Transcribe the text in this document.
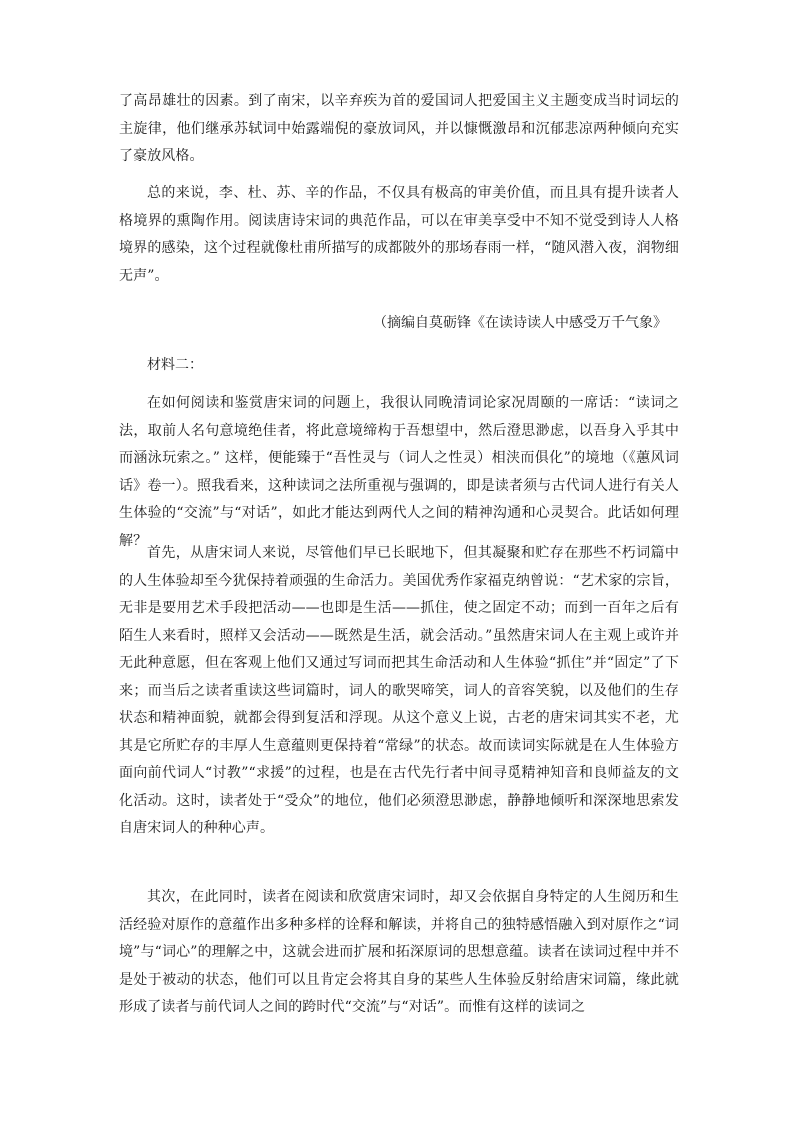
了高昂雄壮的因素。到了南宋，以辛弃疾为首的爱国词人把爱国主义主题变成当时词坛的主旋律，他们继承苏轼词中始露端倪的豪放词风，并以慷慨激昂和沉郁悲凉两种倾向充实了豪放风格。

总的来说，李、杜、苏、辛的作品，不仅具有极高的审美价值，而且具有提升读者人格境界的熏陶作用。阅读唐诗宋词的典范作品，可以在审美享受中不知不觉受到诗人人格境界的感染，这个过程就像杜甫所描写的成都陂外的那场春雨一样，“随风潜入夜，润物细无声”。

（摘编自莫砺锋《在读诗读人中感受万千气象》

材料二：

在如何阅读和鉴赏唐宋词的问题上，我很认同晚清词论家况周颐的一席话：“读词之法，取前人名句意境绝佳者，将此意境缔构于吾想望中，然后澄思渺虑，以吾身入乎其中而涵泳玩索之。” 这样，便能臻于“吾性灵与（词人之性灵）相浃而俱化”的境地（《蕙风词话》卷一）。照我看来，这种读词之法所重视与强调的，即是读者须与古代词人进行有关人生体验的“交流”与“对话”，如此才能达到两代人之间的精神沟通和心灵契合。此话如何理解？

首先，从唐宋词人来说，尽管他们早已长眠地下，但其凝聚和贮存在那些不朽词篇中的人生体验却至今犹保持着顽强的生命活力。美国优秀作家福克纳曾说：“艺术家的宗旨，无非是要用艺术手段把活动——也即是生活——抓住，使之固定不动；而到一百年之后有陌生人来看时，照样又会活动——既然是生活，就会活动。”虽然唐宋词人在主观上或许并无此种意愿，但在客观上他们又通过写词而把其生命活动和人生体验“抓住”并“固定”了下来；而当后之读者重读这些词篇时，词人的歌哭啼笑，词人的音容笑貌，以及他们的生存状态和精神面貌，就都会得到复活和浮现。从这个意义上说，古老的唐宋词其实不老，尤其是它所贮存的丰厚人生意蕴则更保持着“常绿”的状态。故而读词实际就是在人生体验方面向前代词人“讨教”“求援”的过程，也是在古代先行者中间寻觅精神知音和良师益友的文化活动。这时，读者处于“受众”的地位，他们必须澄思渺虑，静静地倾听和深深地思索发自唐宋词人的种种心声。

其次，在此同时，读者在阅读和欣赏唐宋词时，却又会依据自身特定的人生阅历和生活经验对原作的意蕴作出多种多样的诠释和解读，并将自己的独特感悟融入到对原作之“词境”与“词心”的理解之中，这就会进而扩展和拓深原词的思想意蕴。读者在读词过程中并不是处于被动的状态，他们可以且肯定会将其自身的某些人生体验反射给唐宋词篇，缘此就形成了读者与前代词人之间的跨时代“交流”与“对话”。而惟有这样的读词之
